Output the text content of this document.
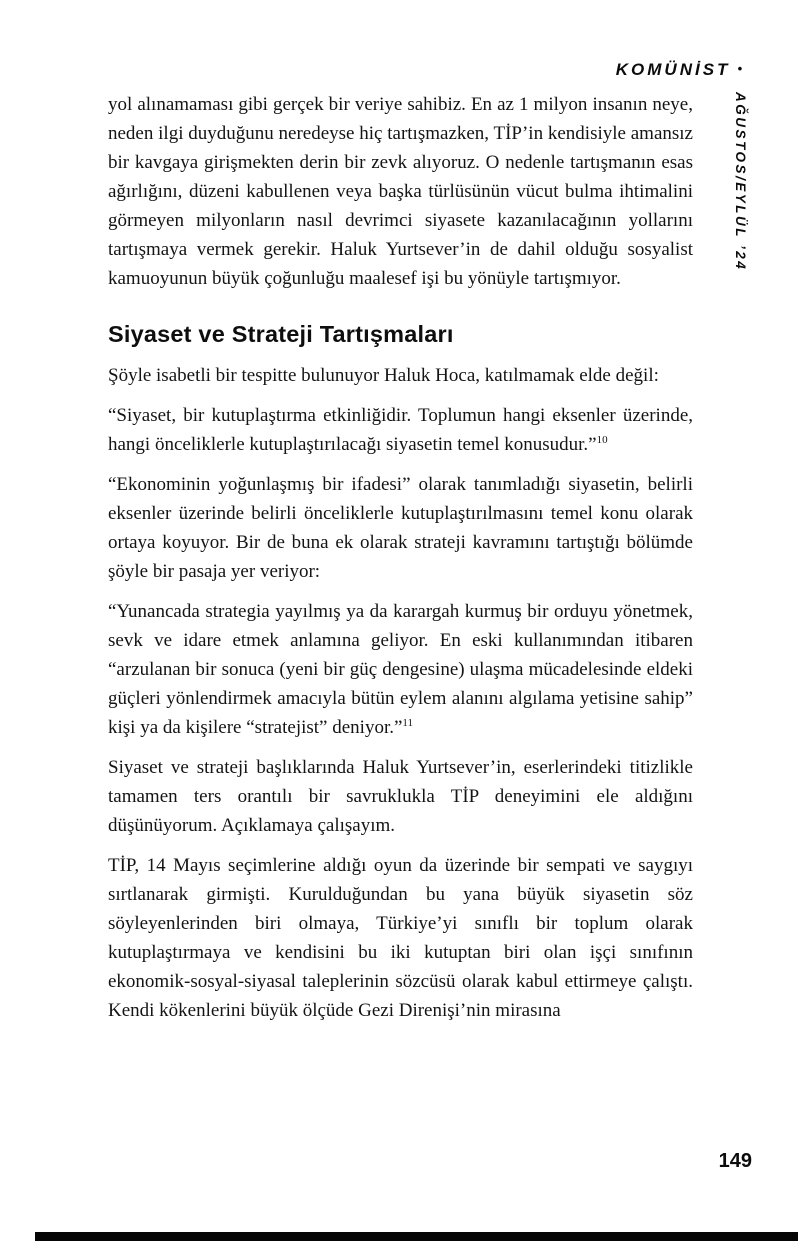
KOMÜNİST •
AĞUSTOS/EYLÜL ’24

yol alınamaması gibi gerçek bir veriye sahibiz. En az 1 milyon insanın neye, neden ilgi duyduğunu neredeyse hiç tartışmazken, TİP’in kendisiyle amansız bir kavgaya girişmekten derin bir zevk alıyoruz. O nedenle tartışmanın esas ağırlığını, düzeni kabullenen veya başka türlüsünün vücut bulma ihtimalini görmeyen milyonların nasıl devrimci siyasete kazanılacağının yollarını tartışmaya vermek gerekir. Haluk Yurtsever’in de dahil olduğu sosyalist kamuoyunun büyük çoğunluğu maalesef işi bu yönüyle tartışmıyor.

Siyaset ve Strateji Tartışmaları

Şöyle isabetli bir tespitte bulunuyor Haluk Hoca, katılmamak elde değil:

“Siyaset, bir kutuplaştırma etkinliğidir. Toplumun hangi eksenler üzerinde, hangi önceliklerle kutuplaştırılacağı siyasetin temel konusudur.”$^{10}$

“Ekonominin yoğunlaşmış bir ifadesi” olarak tanımladığı siyasetin, belirli eksenler üzerinde belirli önceliklerle kutuplaştırılmasını temel konu olarak ortaya koyuyor. Bir de buna ek olarak strateji kavramını tartıştığı bölümde şöyle bir pasaja yer veriyor:

“Yunancada strategia yayılmış ya da karargah kurmuş bir orduyu yönetmek, sevk ve idare etmek anlamına geliyor. En eski kullanımından itibaren “arzulanan bir sonuca (yeni bir güç dengesine) ulaşma mücadelesinde eldeki güçleri yönlendirmek amacıyla bütün eylem alanını algılama yetisine sahip” kişi ya da kişilere “stratejist” deniyor.”$^{11}$

Siyaset ve strateji başlıklarında Haluk Yurtsever’in, eserlerindeki titizlikle tamamen ters orantılı bir savruklukla TİP deneyimini ele aldığını düşünüyorum. Açıklamaya çalışayım.

TİP, 14 Mayıs seçimlerine aldığı oyun da üzerinde bir sempati ve saygıyı sırtlanarak girmişti. Kurulduğundan bu yana büyük siyasetin söz söyleyenlerinden biri olmaya, Türkiye’yi sınıflı bir toplum olarak kutuplaştırmaya ve kendisini bu iki kutuptan biri olan işçi sınıfının ekonomik-sosyal-siyasal taleplerinin sözcüsü olarak kabul ettirmeye çalıştı. Kendi kökenlerini büyük ölçüde Gezi Direnişi’nin mirasına

149
